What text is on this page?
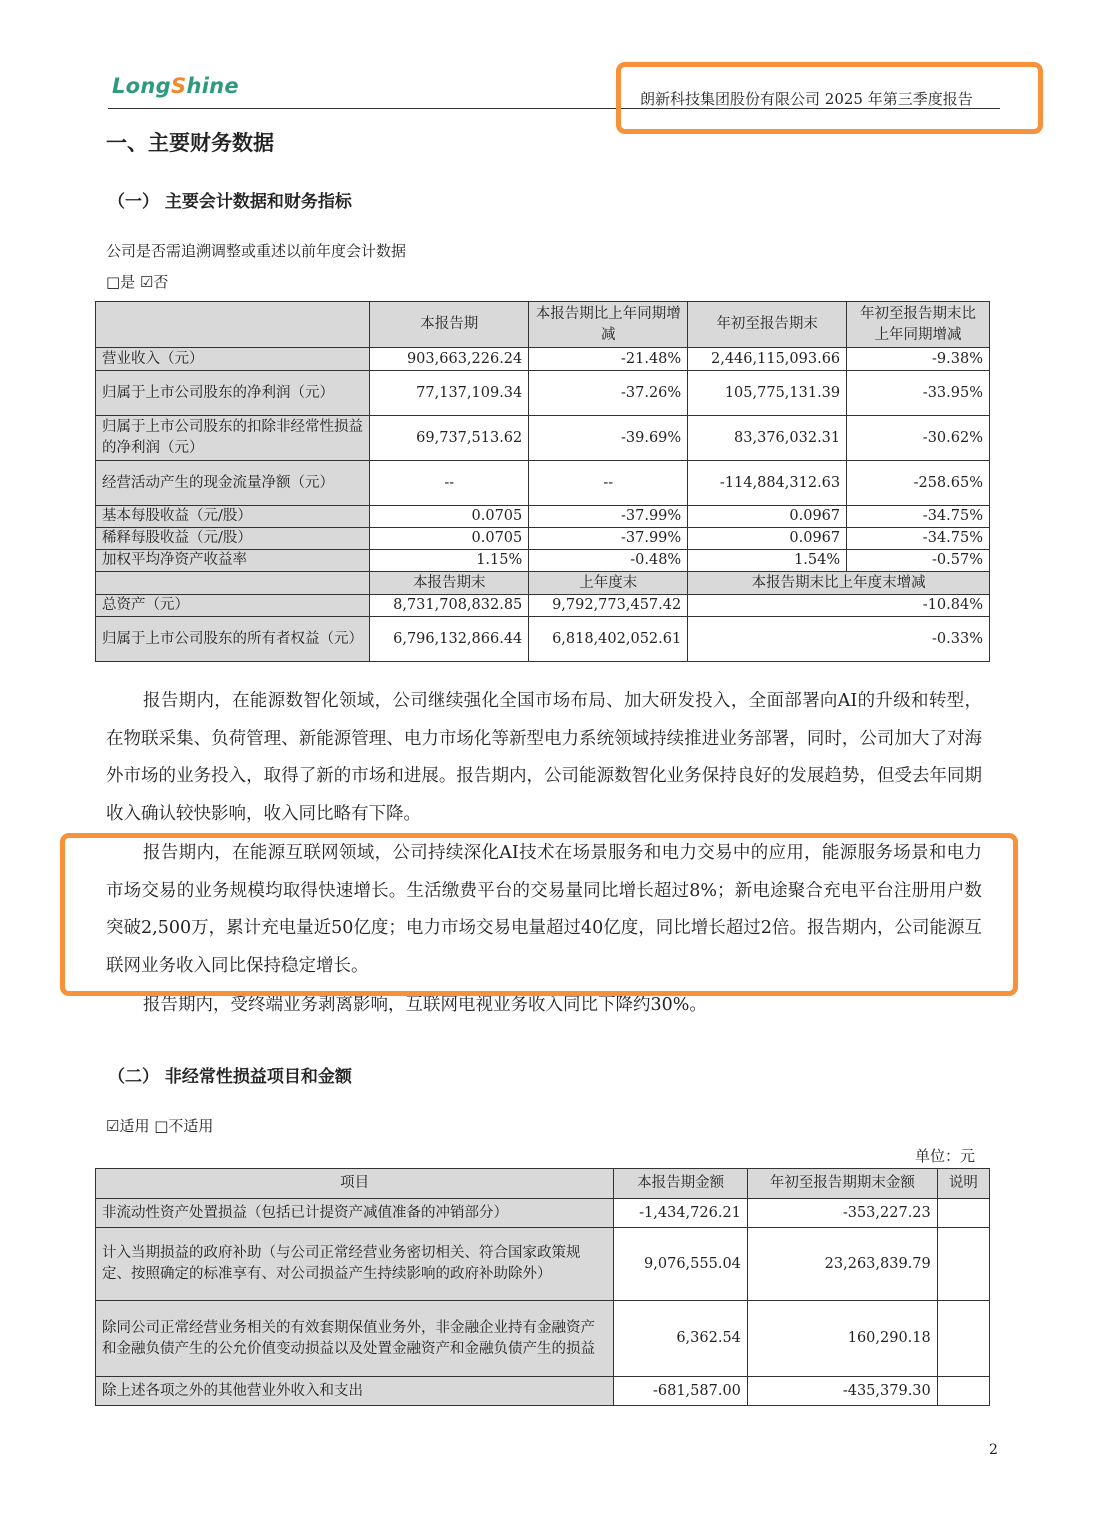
LongShine
朗新科技集团股份有限公司 2025 年第三季度报告
一、主要财务数据
（一） 主要会计数据和财务指标
公司是否需追溯调整或重述以前年度会计数据
□是 ☑否
	本报告期	本报告期比上年同期增减	年初至报告期末	年初至报告期末比上年同期增减
营业收入（元）	903,663,226.24	-21.48%	2,446,115,093.66	-9.38%
归属于上市公司股东的净利润（元）	77,137,109.34	-37.26%	105,775,131.39	-33.95%
归属于上市公司股东的扣除非经常性损益的净利润（元）	69,737,513.62	-39.69%	83,376,032.31	-30.62%
经营活动产生的现金流量净额（元）	--	--	-114,884,312.63	-258.65%
基本每股收益（元/股）	0.0705	-37.99%	0.0967	-34.75%
稀释每股收益（元/股）	0.0705	-37.99%	0.0967	-34.75%
加权平均净资产收益率	1.15%	-0.48%	1.54%	-0.57%
	本报告期末	上年度末	本报告期末比上年度末增减	
总资产（元）	8,731,708,832.85	9,792,773,457.42	-10.84%	
归属于上市公司股东的所有者权益（元）	6,796,132,866.44	6,818,402,052.61	-0.33%	
报告期内，在能源数智化领域，公司继续强化全国市场布局、加大研发投入，全面部署向AI的升级和转型，在物联采集、负荷管理、新能源管理、电力市场化等新型电力系统领域持续推进业务部署，同时，公司加大了对海外市场的业务投入，取得了新的市场和进展。报告期内，公司能源数智化业务保持良好的发展趋势，但受去年同期收入确认较快影响，收入同比略有下降。
报告期内，在能源互联网领域，公司持续深化AI技术在场景服务和电力交易中的应用，能源服务场景和电力市场交易的业务规模均取得快速增长。生活缴费平台的交易量同比增长超过8%；新电途聚合充电平台注册用户数突破2,500万，累计充电量近50亿度；电力市场交易电量超过40亿度，同比增长超过2倍。报告期内，公司能源互联网业务收入同比保持稳定增长。
报告期内，受终端业务剥离影响，互联网电视业务收入同比下降约30%。
（二） 非经常性损益项目和金额
☑适用 □不适用
单位：元
项目	本报告期金额	年初至报告期期末金额	说明
非流动性资产处置损益（包括已计提资产减值准备的冲销部分）	-1,434,726.21	-353,227.23	
计入当期损益的政府补助（与公司正常经营业务密切相关、符合国家政策规定、按照确定的标准享有、对公司损益产生持续影响的政府补助除外）	9,076,555.04	23,263,839.79	
除同公司正常经营业务相关的有效套期保值业务外，非金融企业持有金融资产和金融负债产生的公允价值变动损益以及处置金融资产和金融负债产生的损益	6,362.54	160,290.18	
除上述各项之外的其他营业外收入和支出	-681,587.00	-435,379.30	
2
